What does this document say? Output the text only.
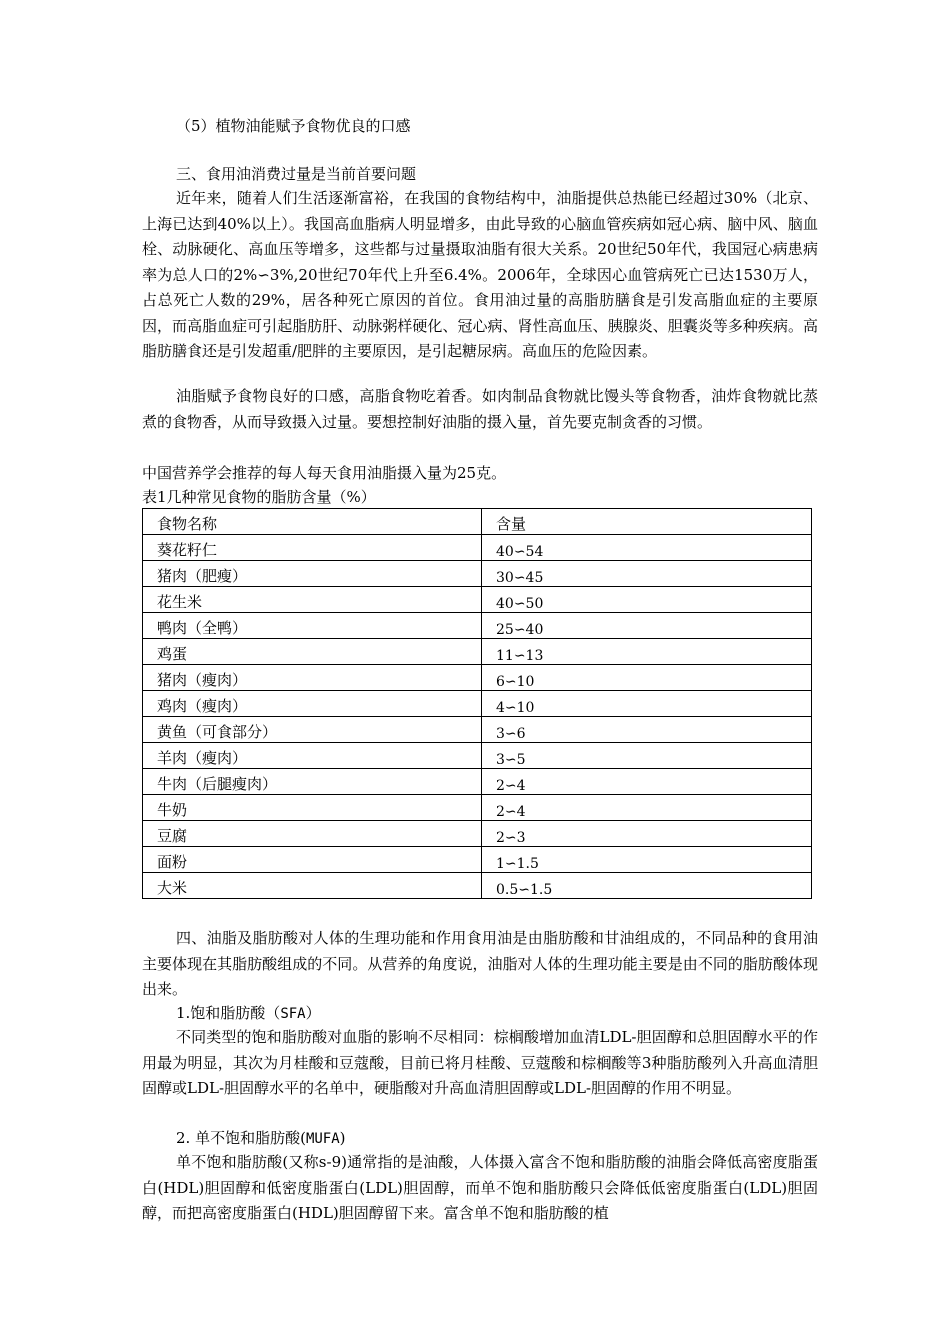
（5）植物油能赋予食物优良的口感
三、食用油消费过量是当前首要问题
近年来，随着人们生活逐渐富裕，在我国的食物结构中，油脂提供总热能已经超过30%（北京、上海已达到40%以上）。我国高血脂病人明显增多，由此导致的心脑血管疾病如冠心病、脑中风、脑血栓、动脉硬化、高血压等增多，这些都与过量摄取油脂有很大关系。20世纪50年代，我国冠心病患病率为总人口的2%∽3%,20世纪70年代上升至6.4%。2006年，全球因心血管病死亡已达1530万人，占总死亡人数的29%，居各种死亡原因的首位。食用油过量的高脂肪膳食是引发高脂血症的主要原因，而高脂血症可引起脂肪肝、动脉粥样硬化、冠心病、肾性高血压、胰腺炎、胆囊炎等多种疾病。高脂肪膳食还是引发超重/肥胖的主要原因，是引起糖尿病。高血压的危险因素。
油脂赋予食物良好的口感，高脂食物吃着香。如肉制品食物就比馒头等食物香，油炸食物就比蒸煮的食物香，从而导致摄入过量。要想控制好油脂的摄入量，首先要克制贪香的习惯。
中国营养学会推荐的每人每天食用油脂摄入量为25克。
表1几种常见食物的脂肪含量（%）
食物名称	含量
葵花籽仁	40∽54
猪肉（肥瘦）	30∽45
花生米	40∽50
鸭肉（全鸭）	25∽40
鸡蛋	11∽13
猪肉（瘦肉）	6∽10
鸡肉（瘦肉）	4∽10
黄鱼（可食部分）	3∽6
羊肉（瘦肉）	3∽5
牛肉（后腿瘦肉）	2∽4
牛奶	2∽4
豆腐	2∽3
面粉	1∽1.5
大米	0.5∽1.5
四、油脂及脂肪酸对人体的生理功能和作用食用油是由脂肪酸和甘油组成的，不同品种的食用油主要体现在其脂肪酸组成的不同。从营养的角度说，油脂对人体的生理功能主要是由不同的脂肪酸体现出来。
1.饱和脂肪酸（SFA）
不同类型的饱和脂肪酸对血脂的影响不尽相同：棕榈酸增加血清LDL-胆固醇和总胆固醇水平的作用最为明显，其次为月桂酸和豆蔻酸，目前已将月桂酸、豆蔻酸和棕榈酸等3种脂肪酸列入升高血清胆固醇或LDL-胆固醇水平的名单中，硬脂酸对升高血清胆固醇或LDL-胆固醇的作用不明显。
2. 单不饱和脂肪酸(MUFA)
单不饱和脂肪酸(又称s-9)通常指的是油酸，人体摄入富含不饱和脂肪酸的油脂会降低高密度脂蛋白(HDL)胆固醇和低密度脂蛋白(LDL)胆固醇，而单不饱和脂肪酸只会降低低密度脂蛋白(LDL)胆固醇，而把高密度脂蛋白(HDL)胆固醇留下来。富含单不饱和脂肪酸的植
